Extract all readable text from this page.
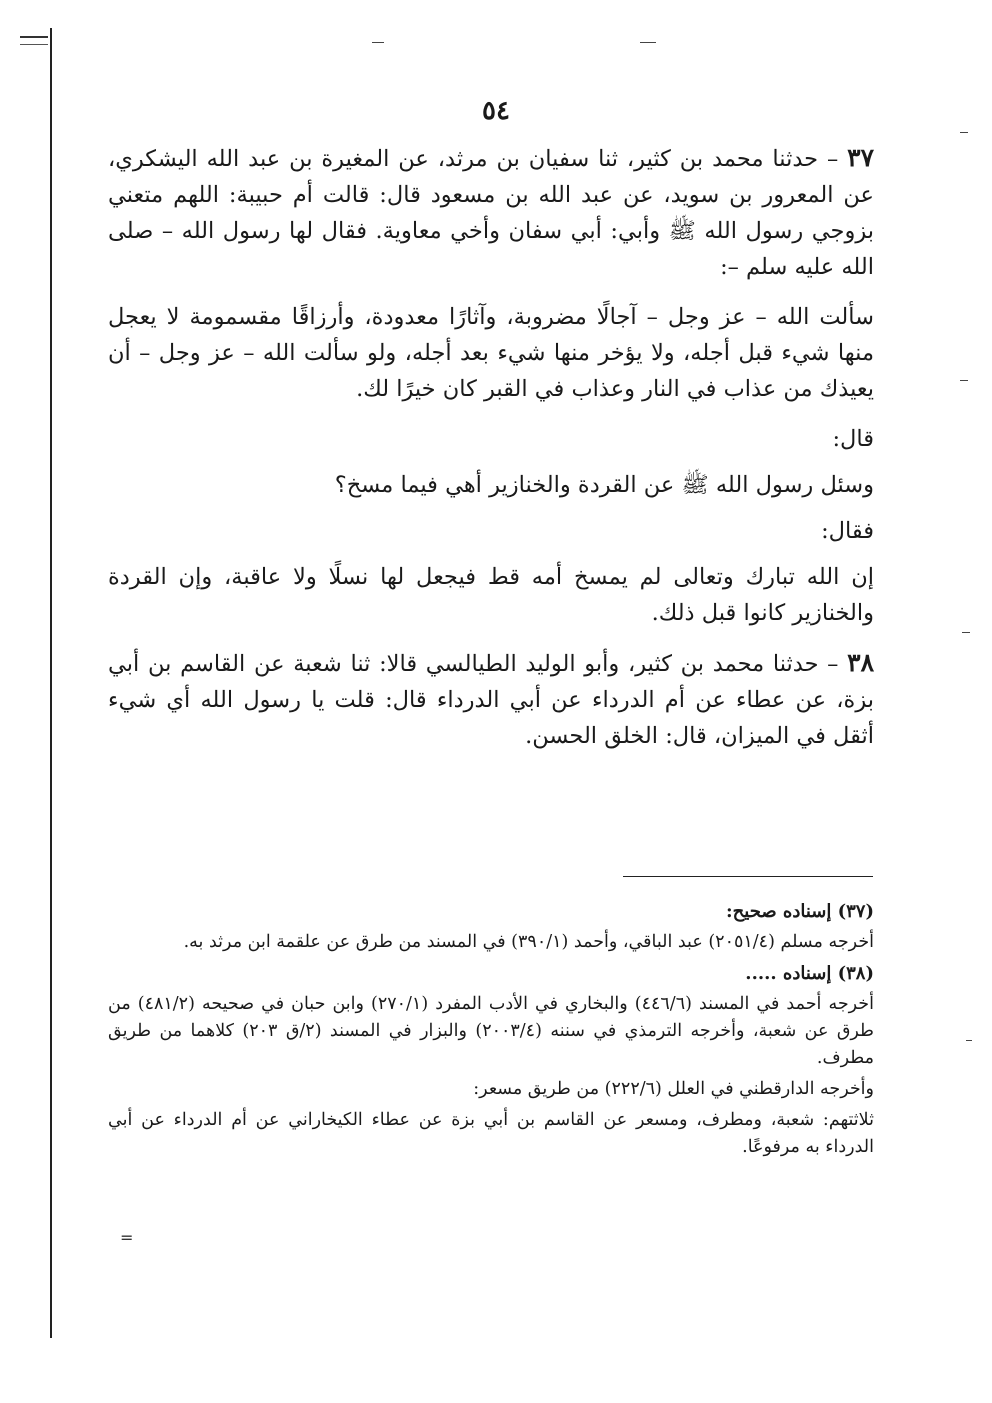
٥٤

٣٧ – حدثنا محمد بن كثير، ثنا سفيان بن مرثد، عن المغيرة بن عبد الله اليشكري، عن المعرور بن سويد، عن عبد الله بن مسعود قال: قالت أم حبيبة: اللهم متعني بزوجي رسول الله ﷺ وأبي: أبي سفان وأخي معاوية. فقال لها رسول الله – صلى الله عليه سلم –:

سألت الله – عز وجل – آجالًا مضروبة، وآثارًا معدودة، وأرزاقًا مقسمومة لا يعجل منها شيء قبل أجله، ولا يؤخر منها شيء بعد أجله، ولو سألت الله – عز وجل – أن يعيذك من عذاب في النار وعذاب في القبر كان خيرًا لك.

قال:

وسئل رسول الله ﷺ عن القردة والخنازير أهي فيما مسخ؟

فقال:

إن الله تبارك وتعالى لم يمسخ أمه قط فيجعل لها نسلًا ولا عاقبة، وإن القردة والخنازير كانوا قبل ذلك.

٣٨ – حدثنا محمد بن كثير، وأبو الوليد الطيالسي قالا: ثنا شعبة عن القاسم بن أبي بزة، عن عطاء عن أم الدرداء عن أبي الدرداء قال: قلت يا رسول الله أي شيء أثقل في الميزان، قال: الخلق الحسن.

(٣٧) إسناده صحيح:

أخرجه مسلم (٢٠٥١/٤) عبد الباقي، وأحمد (٣٩٠/١) في المسند من طرق عن علقمة ابن مرثد به.

(٣٨) إسناده .....

أخرجه أحمد في المسند (٤٤٦/٦) والبخاري في الأدب المفرد (٢٧٠/١) وابن حبان في صحيحه (٤٨١/٢) من طرق عن شعبة، وأخرجه الترمذي في سننه (٢٠٠٣/٤) والبزار في المسند (٢/ق ٢٠٣) كلاهما من طريق مطرف.

وأخرجه الدارقطني في العلل (٢٢٢/٦) من طريق مسعر:

ثلاثتهم: شعبة، ومطرف، ومسعر عن القاسم بن أبي بزة عن عطاء الكيخاراني عن أم الدرداء عن أبي الدرداء به مرفوعًا.

=
